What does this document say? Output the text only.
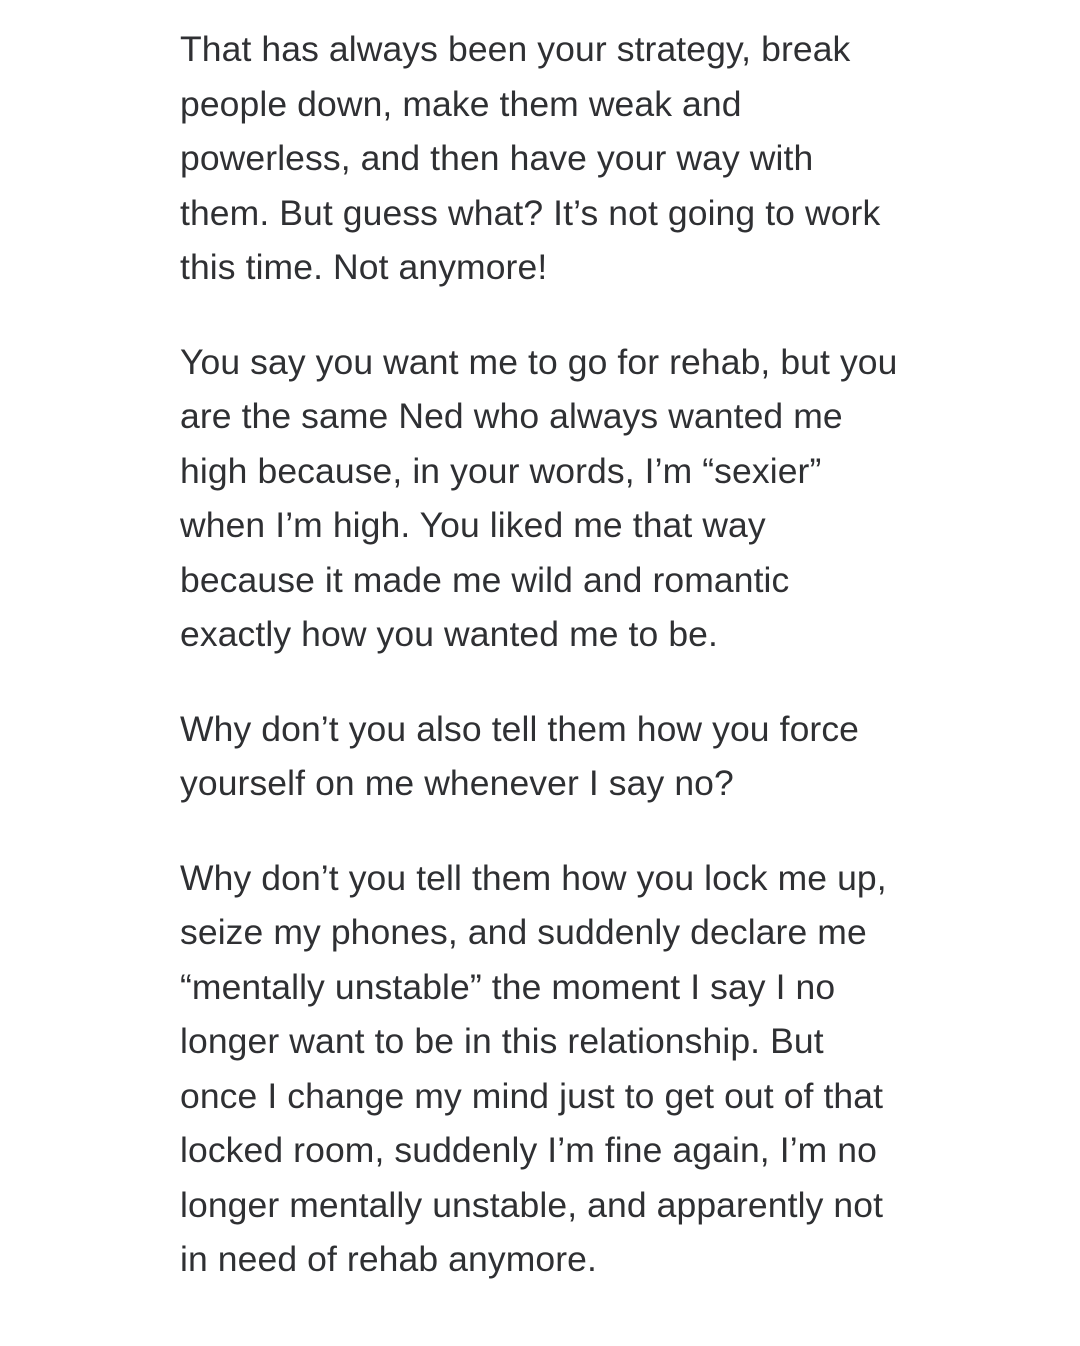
That has always been your strategy, break people down, make them weak and powerless, and then have your way with them. But guess what? It’s not going to work this time. Not anymore!

You say you want me to go for rehab, but you are the same Ned who always wanted me high because, in your words, I’m “sexier” when I’m high. You liked me that way because it made me wild and romantic exactly how you wanted me to be.

Why don’t you also tell them how you force yourself on me whenever I say no?

Why don’t you tell them how you lock me up, seize my phones, and suddenly declare me “mentally unstable” the moment I say I no longer want to be in this relationship. But once I change my mind just to get out of that locked room, suddenly I’m fine again, I’m no longer mentally unstable, and apparently not in need of rehab anymore.
